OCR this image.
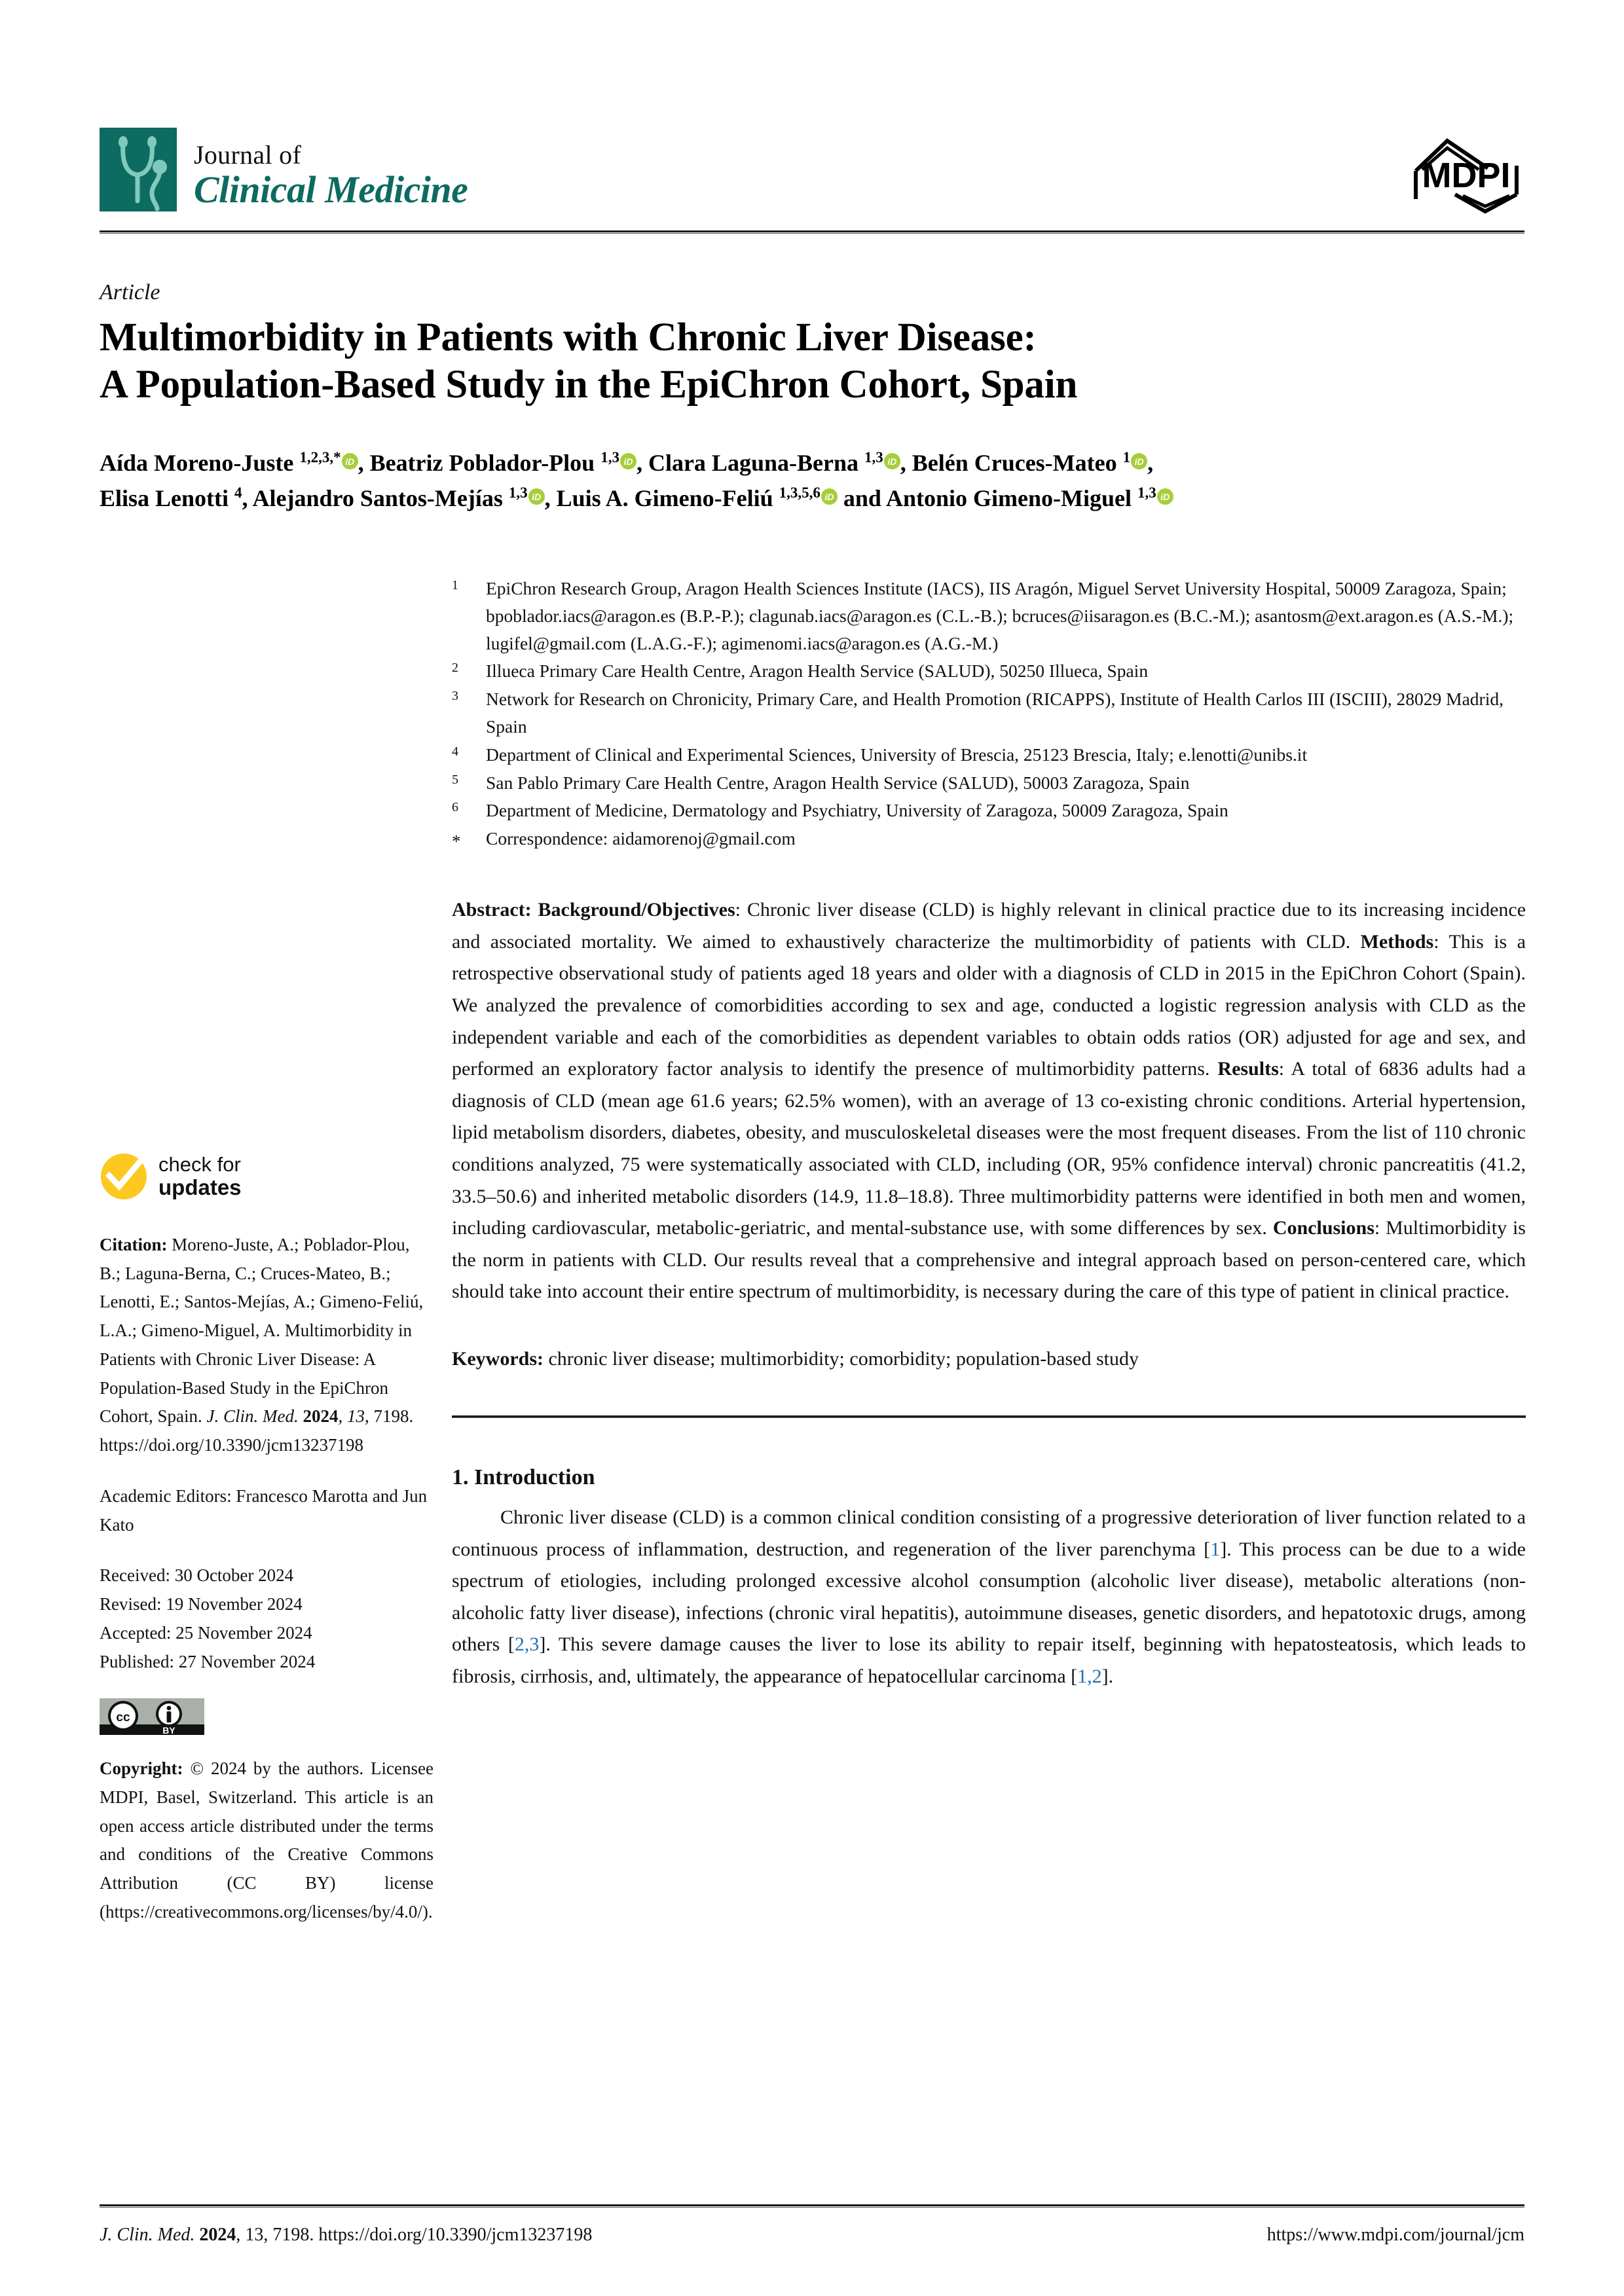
Journal of
Clinical Medicine	MDPI
Article
Multimorbidity in Patients with Chronic Liver Disease:
A Population-Based Study in the EpiChron Cohort, Spain
Aída Moreno-Juste $^{1,2,3,*}$ iD , Beatriz Poblador-Plou $^{1,3}$ iD , Clara Laguna-Berna $^{1,3}$ iD , Belén Cruces-Mateo $^1$ iD ,
Elisa Lenotti $^4$, Alejandro Santos-Mejías $^{1,3}$ iD , Luis A. Gimeno-Feliú $^{1,3,5,6}$iD and Antonio Gimeno-Miguel $^{1,3}$iD
check for
updates
Citation: Moreno-Juste, A.; Poblador-Plou, B.; Laguna-Berna, C.; Cruces-Mateo, B.; Lenotti, E.; Santos-Mejías, A.; Gimeno-Feliú, L.A.; Gimeno-Miguel, A. Multimorbidity in Patients with Chronic Liver Disease: A Population-Based Study in the EpiChron Cohort, Spain. J. Clin. Med. 2024, 13, 7198. https://doi.org/10.3390/jcm13237198
Academic Editors: Francesco Marotta and Jun Kato
Received: 30 October 2024
Revised: 19 November 2024
Accepted: 25 November 2024
Published: 27 November 2024
cc
BY
Copyright: © 2024 by the authors. Licensee MDPI, Basel, Switzerland. This article is an open access article distributed under the terms and conditions of the Creative Commons Attribution (CC BY) license (https://creativecommons.org/licenses/by/4.0/).
1	EpiChron Research Group, Aragon Health Sciences Institute (IACS), IIS Aragón, Miguel Servet University Hospital, 50009 Zaragoza, Spain; bpoblador.iacs@aragon.es (B.P.-P.); clagunab.iacs@aragon.es (C.L.-B.); bcruces@iisaragon.es (B.C.-M.); asantosm@ext.aragon.es (A.S.-M.); lugifel@gmail.com (L.A.G.-F.); agimenomi.iacs@aragon.es (A.G.-M.)
2	Illueca Primary Care Health Centre, Aragon Health Service (SALUD), 50250 Illueca, Spain
3	Network for Research on Chronicity, Primary Care, and Health Promotion (RICAPPS), Institute of Health Carlos III (ISCIII), 28029 Madrid, Spain
4	Department of Clinical and Experimental Sciences, University of Brescia, 25123 Brescia, Italy; e.lenotti@unibs.it
5	San Pablo Primary Care Health Centre, Aragon Health Service (SALUD), 50003 Zaragoza, Spain
6	Department of Medicine, Dermatology and Psychiatry, University of Zaragoza, 50009 Zaragoza, Spain
*	Correspondence: aidamorenoj@gmail.com
Abstract: Background/Objectives: Chronic liver disease (CLD) is highly relevant in clinical practice due to its increasing incidence and associated mortality. We aimed to exhaustively characterize the multimorbidity of patients with CLD. Methods: This is a retrospective observational study of patients aged 18 years and older with a diagnosis of CLD in 2015 in the EpiChron Cohort (Spain). We analyzed the prevalence of comorbidities according to sex and age, conducted a logistic regression analysis with CLD as the independent variable and each of the comorbidities as dependent variables to obtain odds ratios (OR) adjusted for age and sex, and performed an exploratory factor analysis to identify the presence of multimorbidity patterns. Results: A total of 6836 adults had a diagnosis of CLD (mean age 61.6 years; 62.5% women), with an average of 13 co-existing chronic conditions. Arterial hypertension, lipid metabolism disorders, diabetes, obesity, and musculoskeletal diseases were the most frequent diseases. From the list of 110 chronic conditions analyzed, 75 were systematically associated with CLD, including (OR, 95% confidence interval) chronic pancreatitis (41.2, 33.5–50.6) and inherited metabolic disorders (14.9, 11.8–18.8). Three multimorbidity patterns were identified in both men and women, including cardiovascular, metabolic-geriatric, and mental-substance use, with some differences by sex. Conclusions: Multimorbidity is the norm in patients with CLD. Our results reveal that a comprehensive and integral approach based on person-centered care, which should take into account their entire spectrum of multimorbidity, is necessary during the care of this type of patient in clinical practice.
Keywords: chronic liver disease; multimorbidity; comorbidity; population-based study
1. Introduction
Chronic liver disease (CLD) is a common clinical condition consisting of a progressive deterioration of liver function related to a continuous process of inflammation, destruction, and regeneration of the liver parenchyma [1]. This process can be due to a wide spectrum of etiologies, including prolonged excessive alcohol consumption (alcoholic liver disease), metabolic alterations (non-alcoholic fatty liver disease), infections (chronic viral hepatitis), autoimmune diseases, genetic disorders, and hepatotoxic drugs, among others [2,3]. This severe damage causes the liver to lose its ability to repair itself, beginning with hepatosteatosis, which leads to fibrosis, cirrhosis, and, ultimately, the appearance of hepatocellular carcinoma [1,2].
J. Clin. Med. 2024, 13, 7198. https://doi.org/10.3390/jcm13237198	https://www.mdpi.com/journal/jcm
